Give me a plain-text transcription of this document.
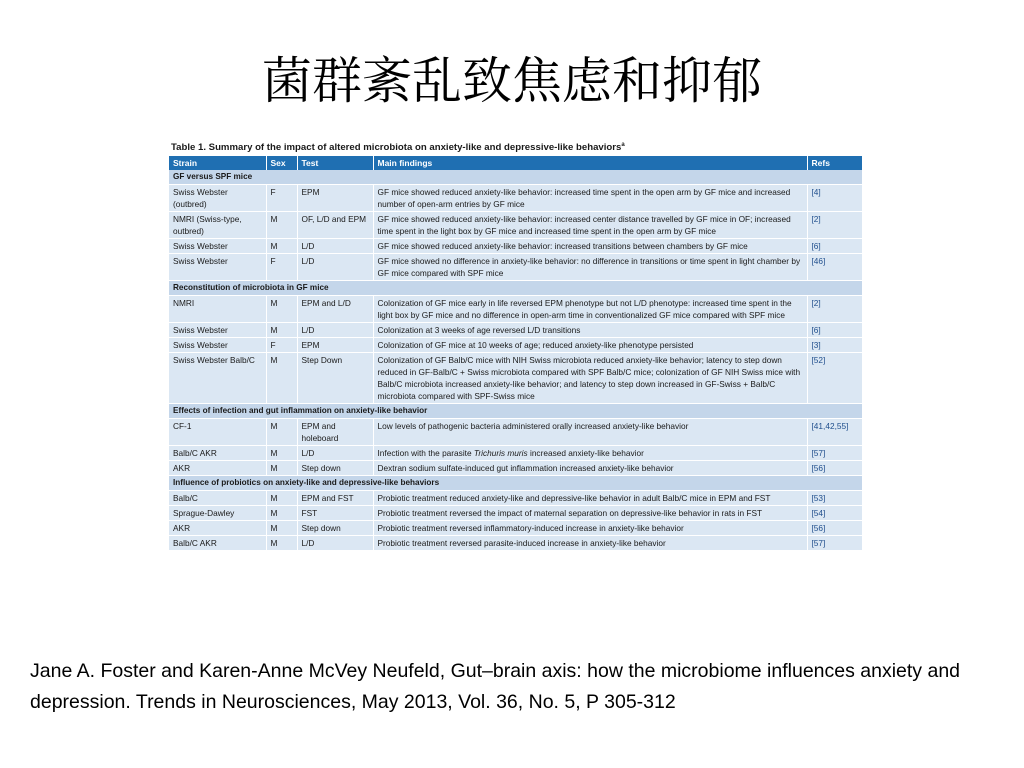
菌群紊乱致焦虑和抑郁
Table 1. Summary of the impact of altered microbiota on anxiety-like and depressive-like behaviors$^a$
Strain	Sex	Test	Main findings	Refs
GF versus SPF mice				
Swiss Webster (outbred)	F	EPM	GF mice showed reduced anxiety-like behavior: increased time spent in the open arm by GF mice and increased number of open-arm entries by GF mice	[4]
NMRI (Swiss-type, outbred)	M	OF, L/D and EPM	GF mice showed reduced anxiety-like behavior: increased center distance travelled by GF mice in OF; increased time spent in the light box by GF mice and increased time spent in the open arm by GF mice	[2]
Swiss Webster	M	L/D	GF mice showed reduced anxiety-like behavior: increased transitions between chambers by GF mice	[6]
Swiss Webster	F	L/D	GF mice showed no difference in anxiety-like behavior: no difference in transitions or time spent in light chamber by GF mice compared with SPF mice	[46]
Reconstitution of microbiota in GF mice				
NMRI	M	EPM and L/D	Colonization of GF mice early in life reversed EPM phenotype but not L/D phenotype: increased time spent in the light box by GF mice and no difference in open-arm time in conventionalized GF mice compared with SPF mice	[2]
Swiss Webster	M	L/D	Colonization at 3 weeks of age reversed L/D transitions	[6]
Swiss Webster	F	EPM	Colonization of GF mice at 10 weeks of age; reduced anxiety-like phenotype persisted	[3]
Swiss Webster Balb/C	M	Step Down	Colonization of GF Balb/C mice with NIH Swiss microbiota reduced anxiety-like behavior; latency to step down reduced in GF-Balb/C + Swiss microbiota compared with SPF Balb/C mice; colonization of GF NIH Swiss mice with Balb/C microbiota increased anxiety-like behavior; and latency to step down increased in GF-Swiss + Balb/C microbiota compared with SPF-Swiss mice	[52]
Effects of infection and gut inflammation on anxiety-like behavior				
CF-1	M	EPM and holeboard	Low levels of pathogenic bacteria administered orally increased anxiety-like behavior	[41,42,55]
Balb/C AKR	M	L/D	Infection with the parasite Trichuris muris increased anxiety-like behavior	[57]
AKR	M	Step down	Dextran sodium sulfate-induced gut inflammation increased anxiety-like behavior	[56]
Influence of probiotics on anxiety-like and depressive-like behaviors				
Balb/C	M	EPM and FST	Probiotic treatment reduced anxiety-like and depressive-like behavior in adult Balb/C mice in EPM and FST	[53]
Sprague-Dawley	M	FST	Probiotic treatment reversed the impact of maternal separation on depressive-like behavior in rats in FST	[54]
AKR	M	Step down	Probiotic treatment reversed inflammatory-induced increase in anxiety-like behavior	[56]
Balb/C AKR	M	L/D	Probiotic treatment reversed parasite-induced increase in anxiety-like behavior	[57]
Jane A. Foster and Karen-Anne McVey Neufeld, Gut–brain axis: how the microbiome influences anxiety and depression. Trends in Neurosciences, May 2013, Vol. 36, No. 5, P 305-312
